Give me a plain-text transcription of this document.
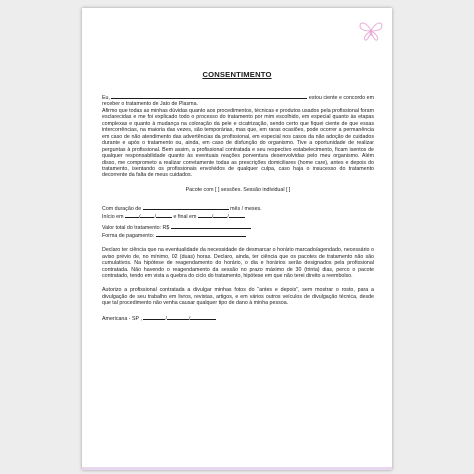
CONSENTIMENTO

Eu,	estou ciente e concordo em receber o tratamento de Jato de Plasma.

Afirmo que todas as minhas dúvidas quanto aos procedimentos, técnicas e produtos usados pela profissional foram esclarecidas e me foi explicado todo o processo do tratamento por mim escolhido, em especial quanto às etapas complexas e quanto à mudança na coloração da pele e cicatrização, sendo certo que fiquei ciente de que essas intercorrências, na maioria das vezes, são temporárias, mas que, em raras ocasiões, pode ocorrer a permanência em caso de não atendimento das advertências da profissional, em especial nos casos da não adoção de cuidados durante e após o tratamento ou, ainda, em caso de disfunção do organismo. Tive a oportunidade de realizar perguntas à profissional. Bem assim, a profissional contratada e seu respectivo estabelecimento, ficam isentos de qualquer responsabilidade quanto às eventuais reações porventura desenvolvidas pelo meu organismo. Além disso, me comprometo a realizar corretamente todas as prescrições domiciliares (home care), antes e depois do tratamento, isentando os profissionais envolvidos de qualquer culpa, caso haja o insucesso do tratamento decorrente da falta de meus cuidados.

Pacote com [ ] sessões. Sessão individual [ ]

Com duração de	mês / meses.

Início em	/	/	e final em	/	/

Valor total do tratamento: R$

Forma de pagamento:

Declaro ter ciência que na eventualidade da necessidade de desmarcar o horário marcado/agendado, necessário o aviso prévio de, no mínimo, 02 (duas) horas. Declaro, ainda, ter ciência que os pacotes de tratamento não são cumulativos. Na hipótese de reagendamento do horário, o dia e horários serão designados pela profissional contratada. Não havendo o reagendamento da sessão no prazo máximo de 30 (trinta) dias, perco o pacote contratado, tendo em vista a quebra do ciclo do tratamento, hipótese em que não terei direito a reembolso.

Autorizo a profissional contratada a divulgar minhas fotos do “antes e depois”, sem mostrar o rosto, para a divulgação de seu trabalho em livros, revistas, artigos, e em vários outros veículos de divulgação técnica, desde que tal procedimento não venha causar qualquer tipo de dano à minha pessoa.

Americana - SP ,	/	/
